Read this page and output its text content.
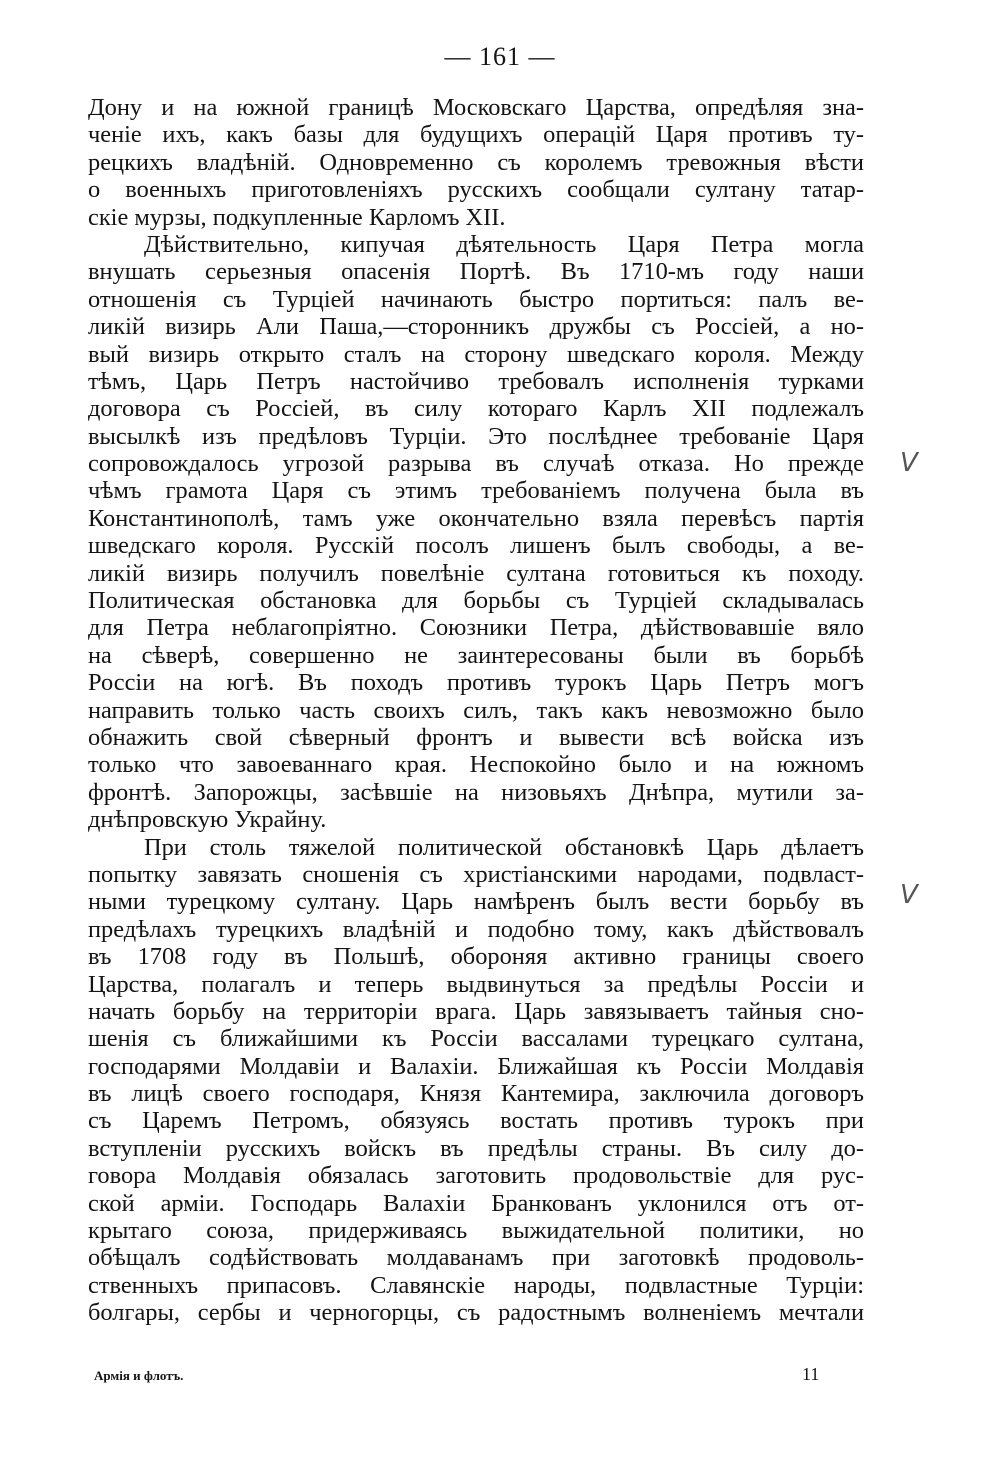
— 161 —
Дону и на южной границѣ Московскаго Царства, опредѣляя зна-
ченіе ихъ, какъ базы для будущихъ операцій Царя противъ ту-
рецкихъ владѣній. Одновременно съ королемъ тревожныя вѣсти
о военныхъ приготовленіяхъ русскихъ сообщали султану татар-
скіе мурзы, подкупленные Карломъ XII.
Дѣйствительно, кипучая дѣятельность Царя Петра могла
внушать серьезныя опасенія Портѣ. Въ 1710-мъ году наши
отношенія съ Турціей начинають быстро портиться: палъ ве-
ликій визирь Али Паша,—сторонникъ дружбы съ Россіей, а но-
вый визирь открыто сталъ на сторону шведскаго короля. Между
тѣмъ, Царь Петръ настойчиво требовалъ исполненія турками
договора съ Россіей, въ силу котораго Карлъ XII подлежалъ
высылкѣ изъ предѣловъ Турціи. Это послѣднее требованіе Царя
сопровождалось угрозой разрыва въ случаѣ отказа. Но прежде
чѣмъ грамота Царя съ этимъ требованіемъ получена была въ
Константинополѣ, тамъ уже окончательно взяла перевѣсъ партія
шведскаго короля. Русскій посолъ лишенъ былъ свободы, а ве-
ликій визирь получилъ повелѣніе султана готовиться къ походу.
Политическая обстановка для борьбы съ Турціей складывалась
для Петра неблагопріятно. Союзники Петра, дѣйствовавшіе вяло
на сѣверѣ, совершенно не заинтересованы были въ борьбѣ
Россіи на югѣ. Въ походъ противъ турокъ Царь Петръ могъ
направить только часть своихъ силъ, такъ какъ невозможно было
обнажить свой сѣверный фронтъ и вывести всѣ войска изъ
только что завоеваннаго края. Неспокойно было и на южномъ
фронтѣ. Запорожцы, засѣвшіе на низовьяхъ Днѣпра, мутили за-
днѣпровскую Украйну.
При столь тяжелой политической обстановкѣ Царь дѣлаетъ
попытку завязать сношенія съ христіанскими народами, подвласт-
ными турецкому султану. Царь намѣренъ былъ вести борьбу въ
предѣлахъ турецкихъ владѣній и подобно тому, какъ дѣйствовалъ
въ 1708 году въ Польшѣ, обороняя активно границы своего
Царства, полагалъ и теперь выдвинуться за предѣлы Россіи и
начать борьбу на территоріи врага. Царь завязываетъ тайныя сно-
шенія съ ближайшими къ Россіи вассалами турецкаго султана,
господарями Молдавіи и Валахіи. Ближайшая къ Россіи Молдавія
въ лицѣ своего господаря, Князя Кантемира, заключила договоръ
съ Царемъ Петромъ, обязуясь востать противъ турокъ при
вступленіи русскихъ войскъ въ предѣлы страны. Въ силу до-
говора Молдавія обязалась заготовить продовольствіе для рус-
ской арміи. Господарь Валахіи Бранкованъ уклонился отъ от-
крытаго союза, придерживаясь выжидательной политики, но
обѣщалъ содѣйствовать молдаванамъ при заготовкѣ продоволь-
ственныхъ припасовъ. Славянскіе народы, подвластные Турціи:
болгары, сербы и черногорцы, съ радостнымъ волненіемъ мечтали
V
V
Армія и флотъ.	11
